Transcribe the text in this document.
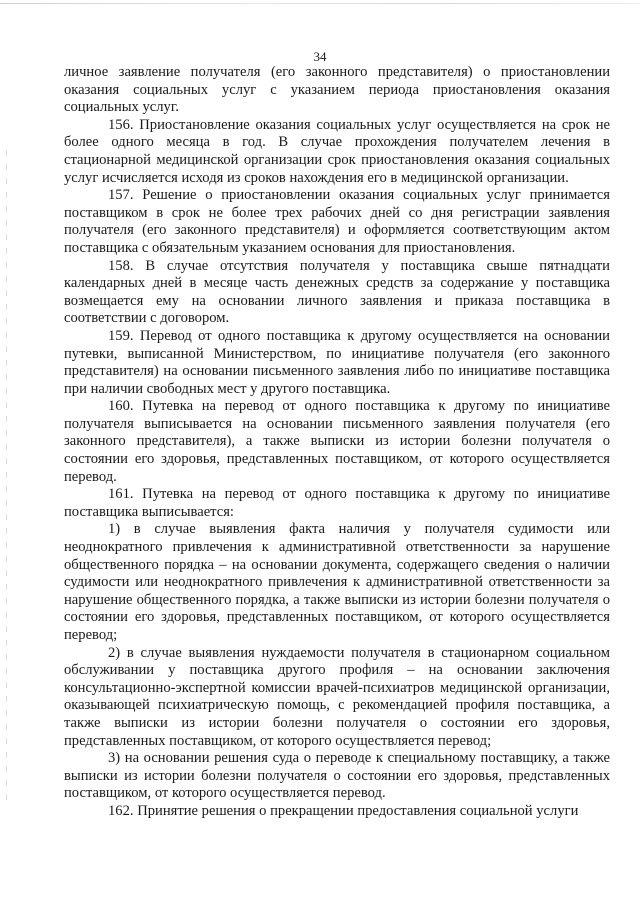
34

личное заявление получателя (его законного представителя) о приостановлении оказания социальных услуг с указанием периода приостановления оказания социальных услуг.

156. Приостановление оказания социальных услуг осуществляется на срок не более одного месяца в год. В случае прохождения получателем лечения в стационарной медицинской организации срок приостановления оказания социальных услуг исчисляется исходя из сроков нахождения его в медицинской организации.

157. Решение о приостановлении оказания социальных услуг принимается поставщиком в срок не более трех рабочих дней со дня регистрации заявления получателя (его законного представителя) и оформляется соответствующим актом поставщика с обязательным указанием основания для приостановления.

158. В случае отсутствия получателя у поставщика свыше пятнадцати календарных дней в месяце часть денежных средств за содержание у поставщика возмещается ему на основании личного заявления и приказа поставщика в соответствии с договором.

159. Перевод от одного поставщика к другому осуществляется на основании путевки, выписанной Министерством, по инициативе получателя (его законного представителя) на основании письменного заявления либо по инициативе поставщика при наличии свободных мест у другого поставщика.

160. Путевка на перевод от одного поставщика к другому по инициативе получателя выписывается на основании письменного заявления получателя (его законного представителя), а также выписки из истории болезни получателя о состоянии его здоровья, представленных поставщиком, от которого осуществляется перевод.

161. Путевка на перевод от одного поставщика к другому по инициативе поставщика выписывается:

1) в случае выявления факта наличия у получателя судимости или неоднократного привлечения к административной ответственности за нарушение общественного порядка – на основании документа, содержащего сведения о наличии судимости или неоднократного привлечения к административной ответственности за нарушение общественного порядка, а также выписки из истории болезни получателя о состоянии его здоровья, представленных поставщиком, от которого осуществляется перевод;

2) в случае выявления нуждаемости получателя в стационарном социальном обслуживании у поставщика другого профиля – на основании заключения консультационно-экспертной комиссии врачей-психиатров медицинской организации, оказывающей психиатрическую помощь, с рекомендацией профиля поставщика, а также выписки из истории болезни получателя о состоянии его здоровья, представленных поставщиком, от которого осуществляется перевод;

3) на основании решения суда о переводе к специальному поставщику, а также выписки из истории болезни получателя о состоянии его здоровья, представленных поставщиком, от которого осуществляется перевод.

162. Принятие решения о прекращении предоставления социальной услуги
